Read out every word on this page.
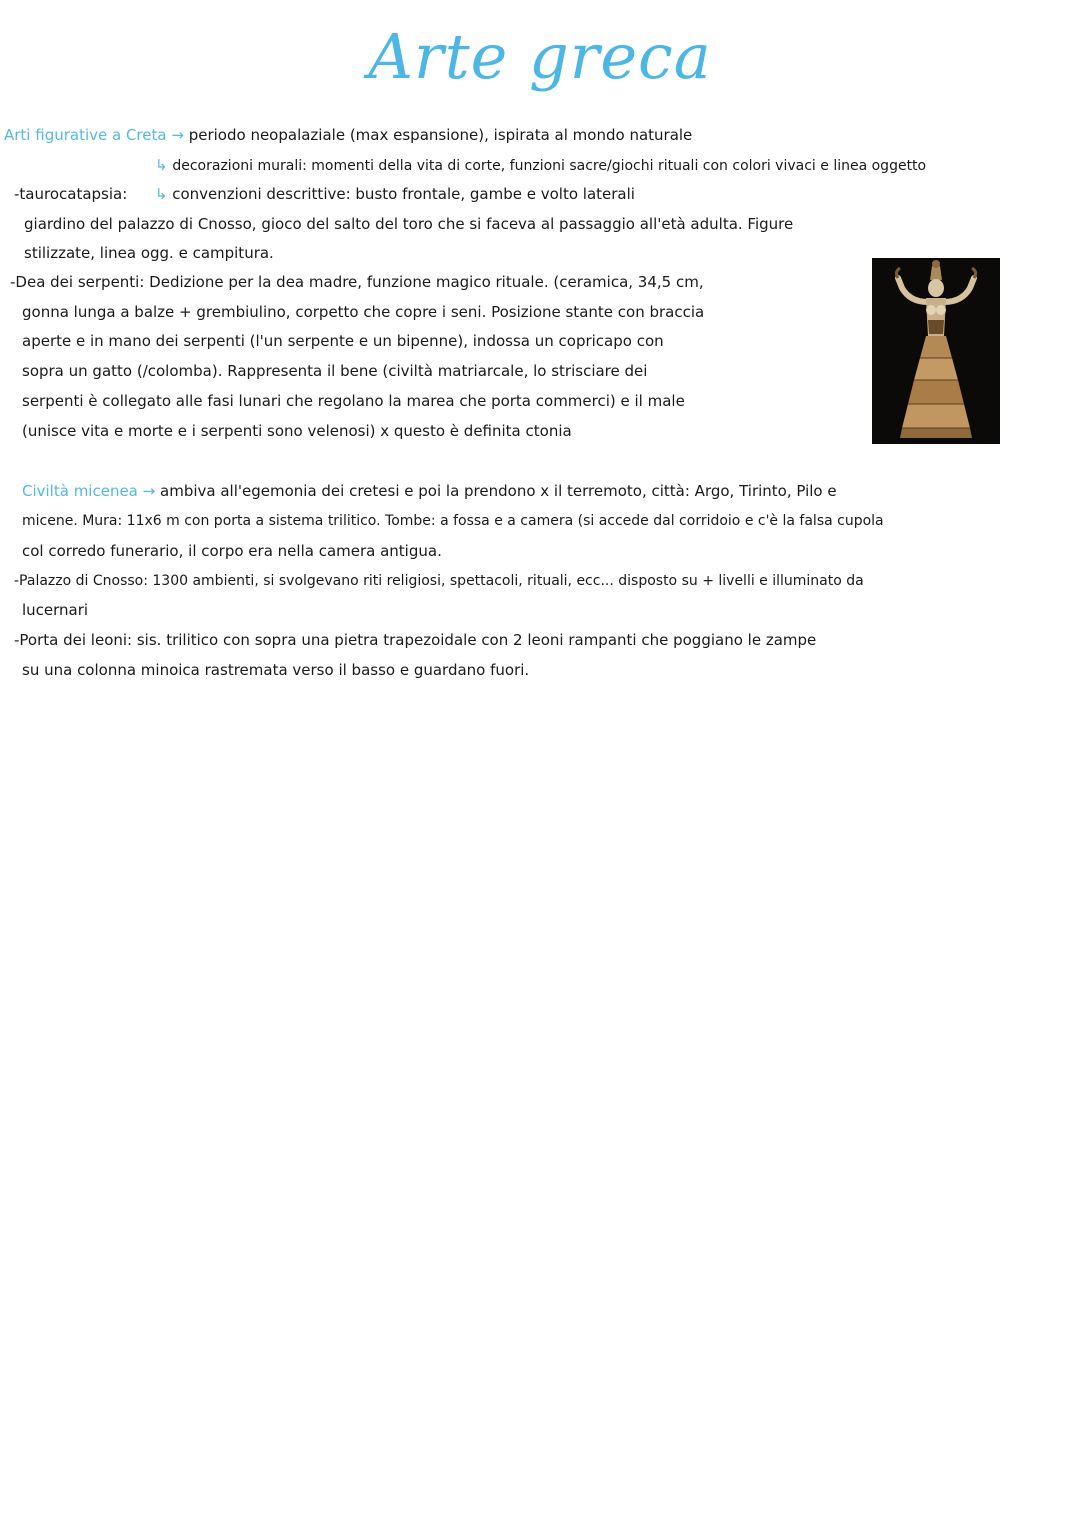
Arte greca
Arti figurative a Creta → periodo neopalaziale (max espansione), ispirata al mondo naturale
↳ decorazioni murali: momenti della vita di corte, funzioni sacre/giochi rituali con colori vivaci e linea oggetto
-taurocatapsia: ↳ convenzioni descrittive: busto frontale, gambe e volto laterali
giardino del palazzo di Cnosso, gioco del salto del toro che si faceva al passaggio all'età adulta. Figure
stilizzate, linea ogg. e campitura.
-Dea dei serpenti: Dedizione per la dea madre, funzione magico rituale. (ceramica, 34,5 cm,
gonna lunga a balze + grembiulino, corpetto che copre i seni. Posizione stante con braccia
aperte e in mano dei serpenti (l'un serpente e un bipenne), indossa un copricapo con
sopra un gatto (/colomba). Rappresenta il bene (civiltà matriarcale, lo strisciare dei
serpenti è collegato alle fasi lunari che regolano la marea che porta commerci) e il male
(unisce vita e morte e i serpenti sono velenosi) x questo è definita ctonia
Civiltà micenea → ambiva all'egemonia dei cretesi e poi la prendono x il terremoto, città: Argo, Tirinto, Pilo e
micene. Mura: 11x6 m con porta a sistema trilitico. Tombe: a fossa e a camera (si accede dal corridoio e c'è la falsa cupola
col corredo funerario, il corpo era nella camera antigua.
-Palazzo di Cnosso: 1300 ambienti, si svolgevano riti religiosi, spettacoli, rituali, ecc... disposto su + livelli e illuminato da
lucernari
-Porta dei leoni: sis. trilitico con sopra una pietra trapezoidale con 2 leoni rampanti che poggiano le zampe
su una colonna minoica rastremata verso il basso e guardano fuori.
